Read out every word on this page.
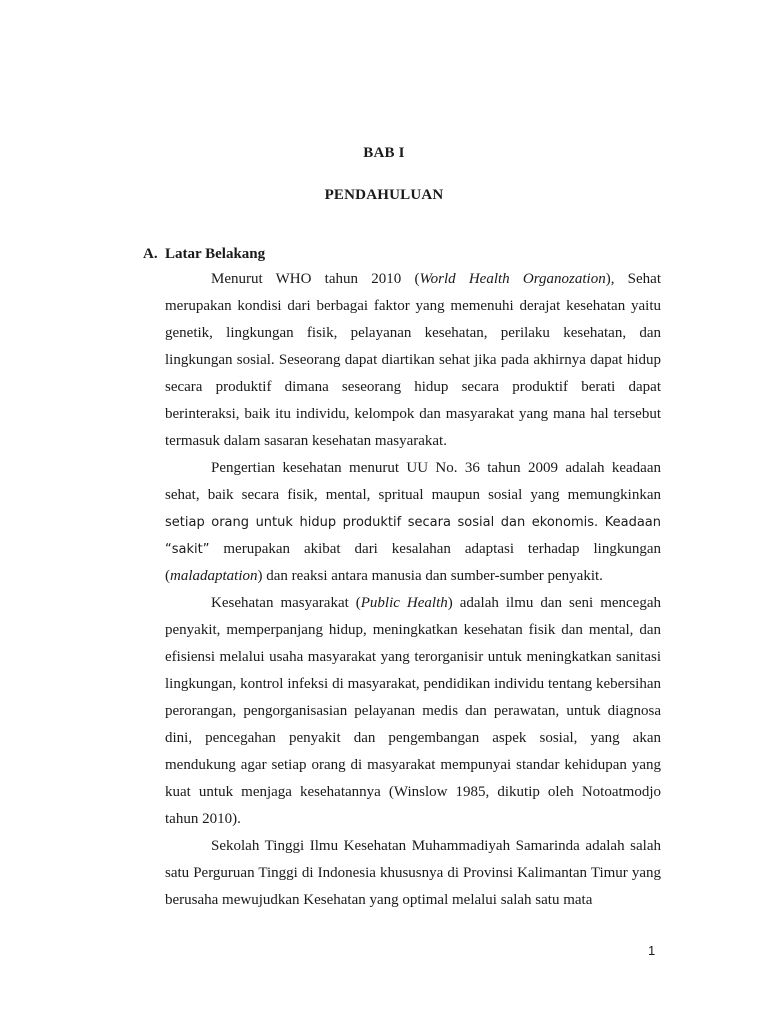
BAB I
PENDAHULUAN
A. Latar Belakang

Menurut WHO tahun 2010 (World Health Organozation), Sehat merupakan kondisi dari berbagai faktor yang memenuhi derajat kesehatan yaitu genetik, lingkungan fisik, pelayanan kesehatan, perilaku kesehatan, dan lingkungan sosial. Seseorang dapat diartikan sehat jika pada akhirnya dapat hidup secara produktif dimana seseorang hidup secara produktif berati dapat berinteraksi, baik itu individu, kelompok dan masyarakat yang mana hal tersebut termasuk dalam sasaran kesehatan masyarakat.

Pengertian kesehatan menurut UU No. 36 tahun 2009 adalah keadaan sehat, baik secara fisik, mental, spritual maupun sosial yang memungkinkan setiap orang untuk hidup produktif secara sosial dan ekonomis. Keadaan “sakit” merupakan akibat dari kesalahan adaptasi terhadap lingkungan (maladaptation) dan reaksi antara manusia dan sumber-sumber penyakit.

Kesehatan masyarakat (Public Health) adalah ilmu dan seni mencegah penyakit, memperpanjang hidup, meningkatkan kesehatan fisik dan mental, dan efisiensi melalui usaha masyarakat yang terorganisir untuk meningkatkan sanitasi lingkungan, kontrol infeksi di masyarakat, pendidikan individu tentang kebersihan perorangan, pengorganisasian pelayanan medis dan perawatan, untuk diagnosa dini, pencegahan penyakit dan pengembangan aspek sosial, yang akan mendukung agar setiap orang di masyarakat mempunyai standar kehidupan yang kuat untuk menjaga kesehatannya (Winslow 1985, dikutip oleh Notoatmodjo tahun 2010).

Sekolah Tinggi Ilmu Kesehatan Muhammadiyah Samarinda adalah salah satu Perguruan Tinggi di Indonesia khususnya di Provinsi Kalimantan Timur yang berusaha mewujudkan Kesehatan yang optimal melalui salah satu mata

1
